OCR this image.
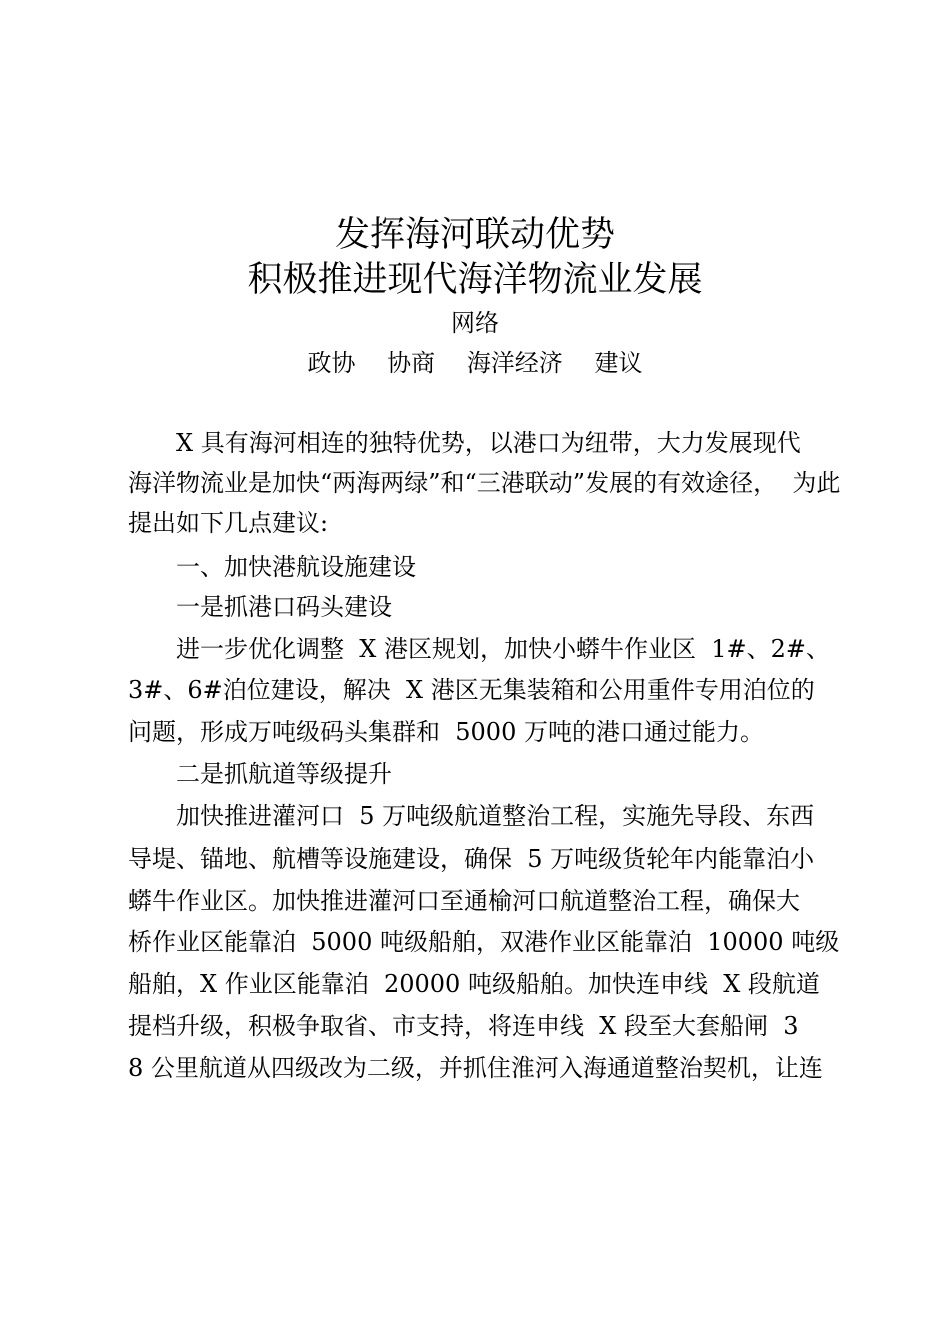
发挥海河联动优势
积极推进现代海洋物流业发展
网络
政协 协商 海洋经济 建议
X 具有海河相连的独特优势，以港口为纽带，大力发展现代
海洋物流业是加快“两海两绿”和“三港联动”发展的有效途径，  为此
提出如下几点建议:
一、加快港航设施建设
一是抓港口码头建设
进一步优化调整  X 港区规划，加快小蟒牛作业区  1#、2#、
3#、6#泊位建设，解决  X 港区无集装箱和公用重件专用泊位的
问题，形成万吨级码头集群和  5000 万吨的港口通过能力。
二是抓航道等级提升
加快推进灌河口  5 万吨级航道整治工程，实施先导段、东西
导堤、锚地、航槽等设施建设，确保  5 万吨级货轮年内能靠泊小
蟒牛作业区。加快推进灌河口至通榆河口航道整治工程，确保大
桥作业区能靠泊  5000 吨级船舶，双港作业区能靠泊  10000 吨级
船舶，X 作业区能靠泊  20000 吨级船舶。加快连申线  X 段航道
提档升级，积极争取省、市支持，将连申线  X 段至大套船闸  3
8 公里航道从四级改为二级，并抓住淮河入海通道整治契机，让连
